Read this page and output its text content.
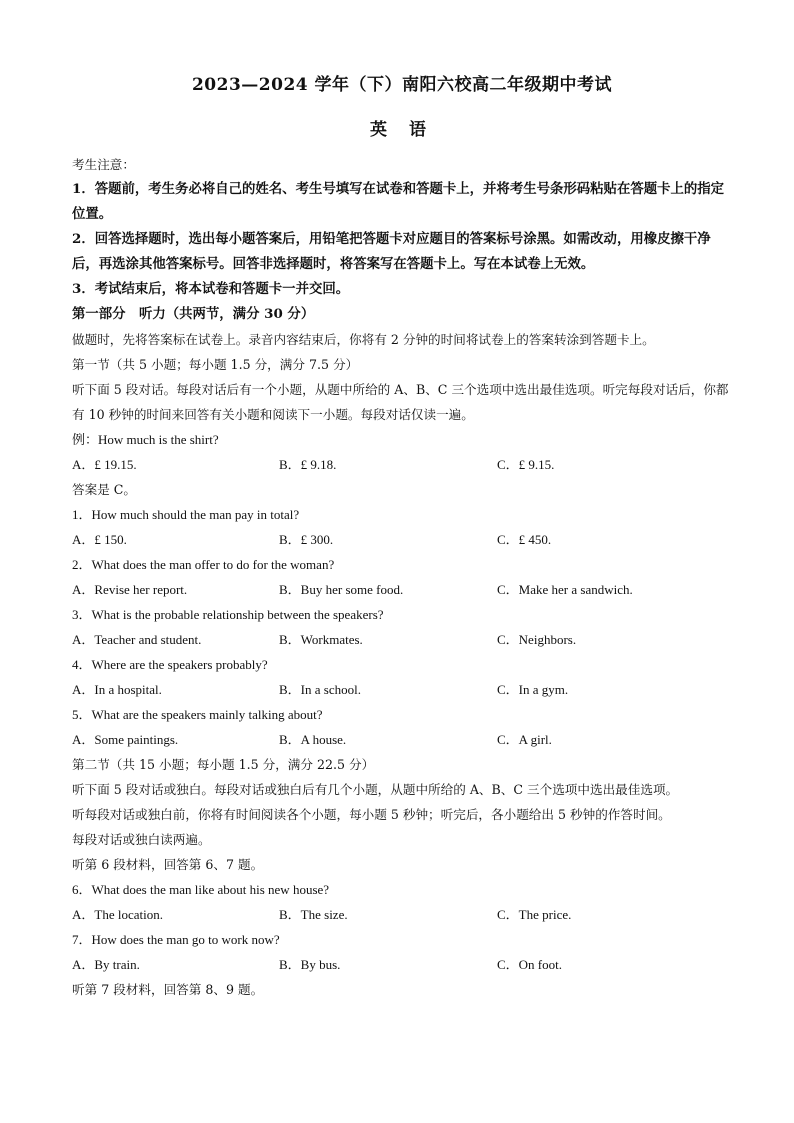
2023—2024 学年（下）南阳六校高二年级期中考试
英 语
考生注意：
1．答题前，考生务必将自己的姓名、考生号填写在试卷和答题卡上，并将考生号条形码粘贴在答题卡上的指定位置。
2．回答选择题时，选出每小题答案后，用铅笔把答题卡对应题目的答案标号涂黑。如需改动，用橡皮擦干净后，再选涂其他答案标号。回答非选择题时，将答案写在答题卡上。写在本试卷上无效。
3．考试结束后，将本试卷和答题卡一并交回。
第一部分　听力（共两节，满分 30 分）
做题时，先将答案标在试卷上。录音内容结束后，你将有 2 分钟的时间将试卷上的答案转涂到答题卡上。
第一节（共 5 小题；每小题 1.5 分，满分 7.5 分）
听下面 5 段对话。每段对话后有一个小题，从题中所给的 A、B、C 三个选项中选出最佳选项。听完每段对话后，你都有 10 秒钟的时间来回答有关小题和阅读下一小题。每段对话仅读一遍。
例：How much is the shirt?
A．£ 19.15.	B．£ 9.18.	C．£ 9.15.
答案是 C。
1．How much should the man pay in total?
A．£ 150.	B．£ 300.	C．£ 450.
2．What does the man offer to do for the woman?
A．Revise her report.	B．Buy her some food.	C．Make her a sandwich.
3．What is the probable relationship between the speakers?
A．Teacher and student.	B．Workmates.	C．Neighbors.
4．Where are the speakers probably?
A．In a hospital.	B．In a school.	C．In a gym.
5．What are the speakers mainly talking about?
A．Some paintings.	B．A house.	C．A girl.
第二节（共 15 小题；每小题 1.5 分，满分 22.5 分）
听下面 5 段对话或独白。每段对话或独白后有几个小题，从题中所给的 A、B、C 三个选项中选出最佳选项。
听每段对话或独白前，你将有时间阅读各个小题，每小题 5 秒钟；听完后，各小题给出 5 秒钟的作答时间。
每段对话或独白读两遍。
听第 6 段材料，回答第 6、7 题。
6．What does the man like about his new house?
A．The location.	B．The size.	C．The price.
7．How does the man go to work now?
A．By train.	B．By bus.	C．On foot.
听第 7 段材料，回答第 8、9 题。
